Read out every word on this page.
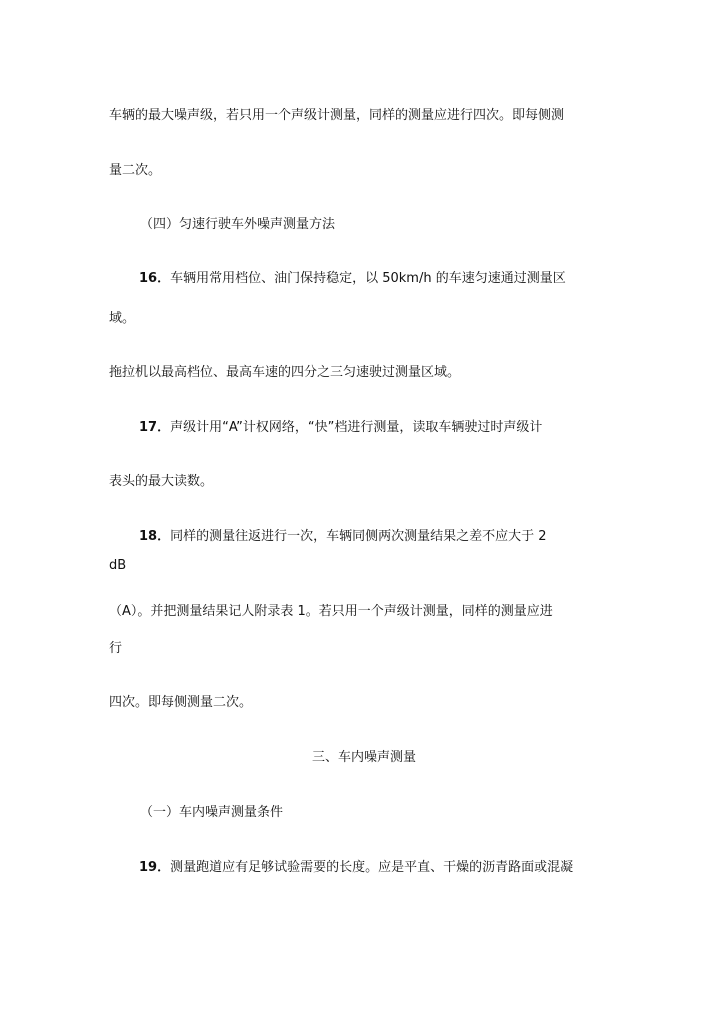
车辆的最大噪声级，若只用一个声级计测量，同样的测量应进行四次。即每侧测
量二次。
（四）匀速行驶车外噪声测量方法
16．车辆用常用档位、油门保持稳定，以 50km/h 的车速匀速通过测量区
域。
拖拉机以最高档位、最高车速的四分之三匀速驶过测量区域。
17．声级计用“A”计权网络，“快”档进行测量，读取车辆驶过时声级计
表头的最大读数。
18．同样的测量往返进行一次，车辆同侧两次测量结果之差不应大于 2
dB
（A）。并把测量结果记人附录表 1。若只用一个声级计测量，同样的测量应进
行
四次。即每侧测量二次。
三、车内噪声测量
（一）车内噪声测量条件
19．测量跑道应有足够试验需要的长度。应是平直、干燥的沥青路面或混凝
